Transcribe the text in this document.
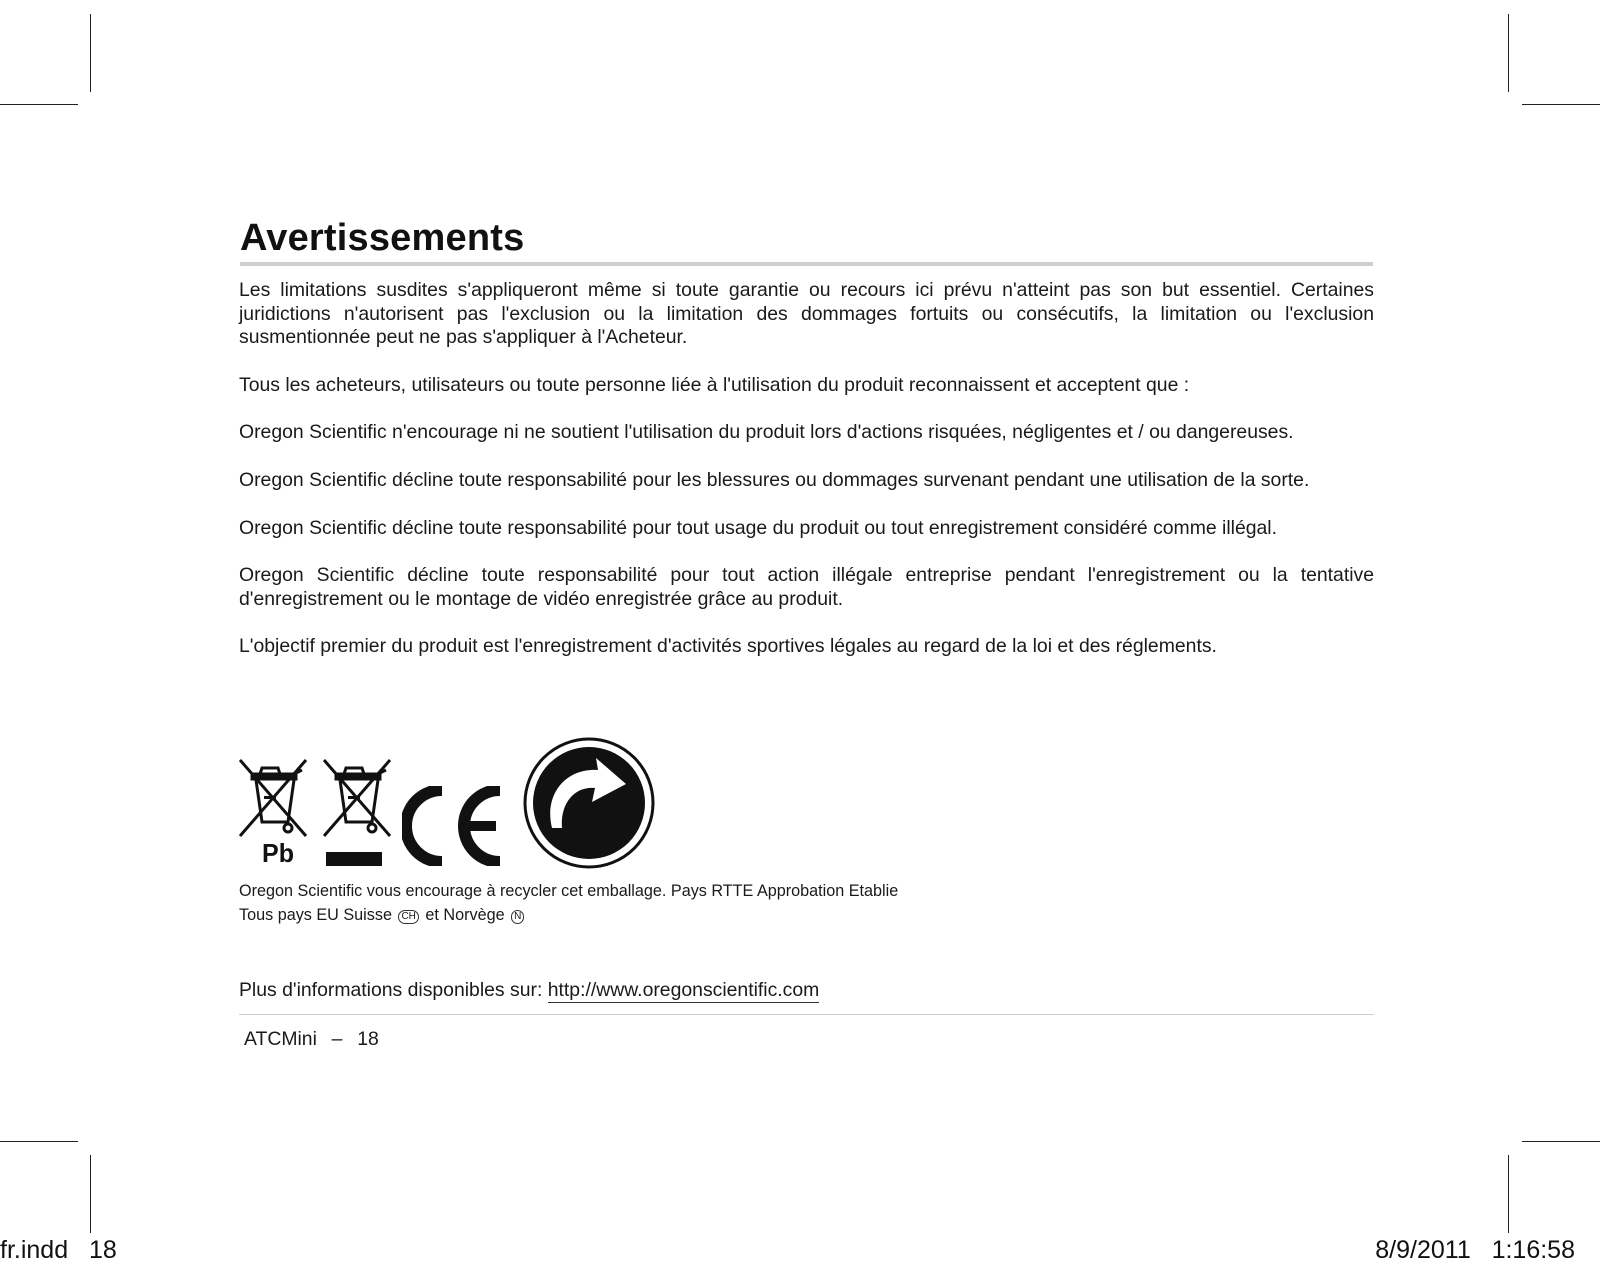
Avertissements

Les limitations susdites s'appliqueront même si toute garantie ou recours ici prévu n'atteint pas son but essentiel. Certaines juridictions n'autorisent pas l'exclusion ou la limitation des dommages fortuits ou consécutifs, la limitation ou l'exclusion susmentionnée peut ne pas s'appliquer à l'Acheteur.

Tous les acheteurs, utilisateurs ou toute personne liée à l'utilisation du produit reconnaissent et acceptent que :

Oregon Scientific n'encourage ni ne soutient l'utilisation du produit lors d'actions risquées, négligentes et / ou dangereuses.

Oregon Scientific décline toute responsabilité pour les blessures ou dommages survenant pendant une utilisation de la sorte.

Oregon Scientific décline toute responsabilité pour tout usage du produit ou tout enregistrement considéré comme illégal.

Oregon Scientific décline toute responsabilité pour tout action illégale entreprise pendant l'enregistrement ou la tentative d'enregistrement ou le montage de vidéo enregistrée grâce au produit.

L'objectif premier du produit est l'enregistrement d'activités sportives légales au regard de la loi et des réglements.

Pb
Oregon Scientific vous encourage à recycler cet emballage. Pays RTTE Approbation Etablie
Tous pays EU Suisse CH et Norvège N
Plus d'informations disponibles sur: http://www.oregonscientific.com
ATCMini  –  18
fr.indd   18	8/9/2011   1:16:58
